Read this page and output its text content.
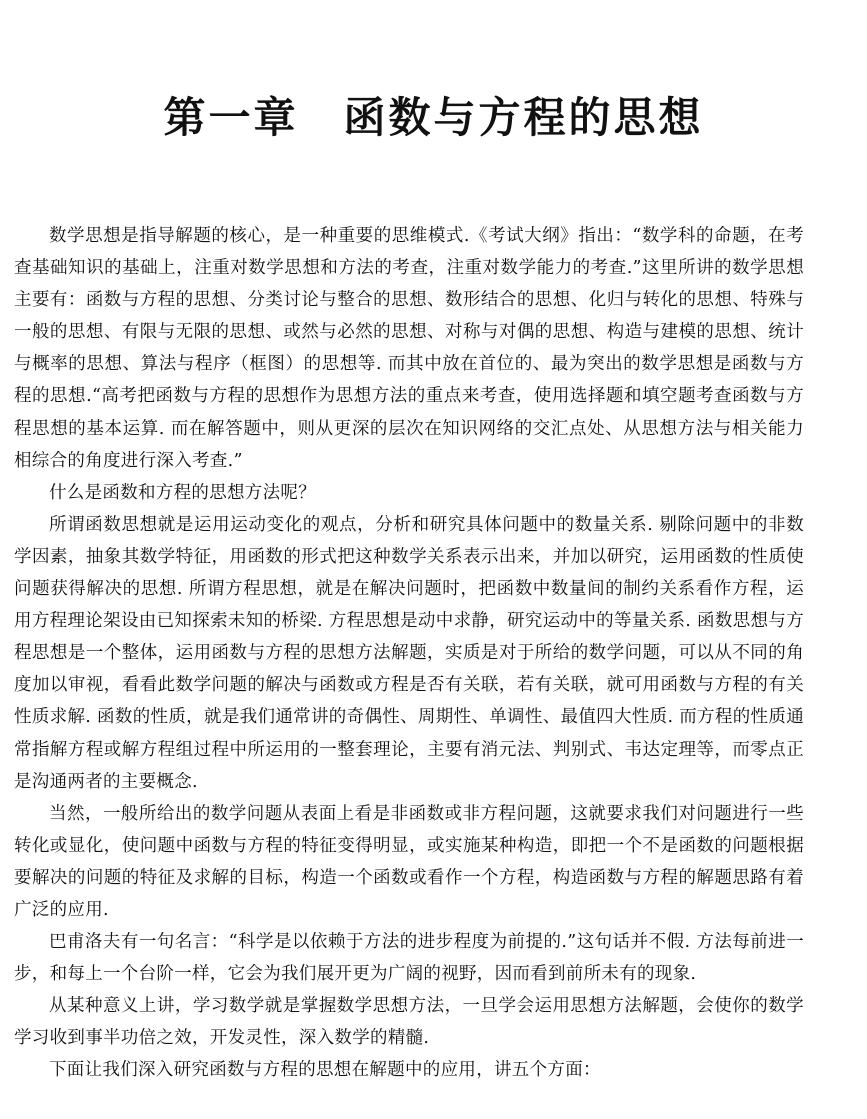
第一章　函数与方程的思想

数学思想是指导解题的核心，是一种重要的思维模式.《考试大纲》指出：“数学科的命题，在考查基础知识的基础上，注重对数学思想和方法的考查，注重对数学能力的考查.”这里所讲的数学思想主要有：函数与方程的思想、分类讨论与整合的思想、数形结合的思想、化归与转化的思想、特殊与一般的思想、有限与无限的思想、或然与必然的思想、对称与对偶的思想、构造与建模的思想、统计与概率的思想、算法与程序（框图）的思想等. 而其中放在首位的、最为突出的数学思想是函数与方程的思想.“高考把函数与方程的思想作为思想方法的重点来考查，使用选择题和填空题考查函数与方程思想的基本运算. 而在解答题中，则从更深的层次在知识网络的交汇点处、从思想方法与相关能力相综合的角度进行深入考查.”

什么是函数和方程的思想方法呢？

所谓函数思想就是运用运动变化的观点，分析和研究具体问题中的数量关系. 剔除问题中的非数学因素，抽象其数学特征，用函数的形式把这种数学关系表示出来，并加以研究，运用函数的性质使问题获得解决的思想. 所谓方程思想，就是在解决问题时，把函数中数量间的制约关系看作方程，运用方程理论架设由已知探索未知的桥梁. 方程思想是动中求静，研究运动中的等量关系. 函数思想与方程思想是一个整体，运用函数与方程的思想方法解题，实质是对于所给的数学问题，可以从不同的角度加以审视，看看此数学问题的解决与函数或方程是否有关联，若有关联，就可用函数与方程的有关性质求解. 函数的性质，就是我们通常讲的奇偶性、周期性、单调性、最值四大性质. 而方程的性质通常指解方程或解方程组过程中所运用的一整套理论，主要有消元法、判别式、韦达定理等，而零点正是沟通两者的主要概念.

当然，一般所给出的数学问题从表面上看是非函数或非方程问题，这就要求我们对问题进行一些转化或显化，使问题中函数与方程的特征变得明显，或实施某种构造，即把一个不是函数的问题根据要解决的问题的特征及求解的目标，构造一个函数或看作一个方程，构造函数与方程的解题思路有着广泛的应用.

巴甫洛夫有一句名言：“科学是以依赖于方法的进步程度为前提的.”这句话并不假. 方法每前进一步，和每上一个台阶一样，它会为我们展开更为广阔的视野，因而看到前所未有的现象.

从某种意义上讲，学习数学就是掌握数学思想方法，一旦学会运用思想方法解题，会使你的数学学习收到事半功倍之效，开发灵性，深入数学的精髓.

下面让我们深入研究函数与方程的思想在解题中的应用，讲五个方面：
